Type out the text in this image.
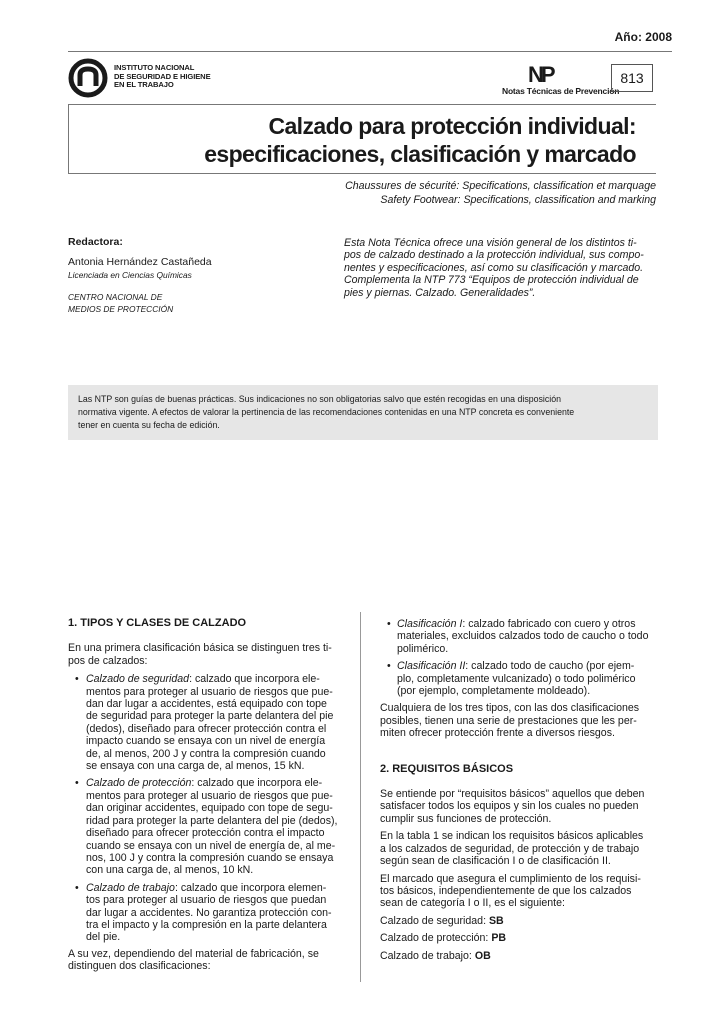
Año: 2008
INSTITUTO NACIONAL
DE SEGURIDAD E HIGIENE
EN EL TRABAJO	NP
Notas Técnicas de Prevención
813
Calzado para protección individual:
especificaciones, clasificación y marcado
Chaussures de sécurité: Specifications, classification et marquage
Safety Footwear: Specifications, classification and marking
Redactora:
Antonia Hernández Castañeda
Licenciada en Ciencias Químicas
CENTRO NACIONAL DE
MEDIOS DE PROTECCIÓN
Esta Nota Técnica ofrece una visión general de los distintos ti-
pos de calzado destinado a la protección individual, sus compo-
nentes y especificaciones, así como su clasificación y marcado.
Complementa la NTP 773 “Equipos de protección individual de
pies y piernas. Calzado. Generalidades”.
Las NTP son guías de buenas prácticas. Sus indicaciones no son obligatorias salvo que estén recogidas en una disposición
normativa vigente. A efectos de valorar la pertinencia de las recomendaciones contenidas en una NTP concreta es conveniente
tener en cuenta su fecha de edición.
1. TIPOS Y CLASES DE CALZADO
En una primera clasificación básica se distinguen tres ti-
pos de calzados:
• Calzado de seguridad: calzado que incorpora ele-
mentos para proteger al usuario de riesgos que pue-
dan dar lugar a accidentes, está equipado con tope
de seguridad para proteger la parte delantera del pie
(dedos), diseñado para ofrecer protección contra el
impacto cuando se ensaya con un nivel de energía
de, al menos, 200 J y contra la compresión cuando
se ensaya con una carga de, al menos, 15 kN.
• Calzado de protección: calzado que incorpora ele-
mentos para proteger al usuario de riesgos que pue-
dan originar accidentes, equipado con tope de segu-
ridad para proteger la parte delantera del pie (dedos),
diseñado para ofrecer protección contra el impacto
cuando se ensaya con un nivel de energía de, al me-
nos, 100 J y contra la compresión cuando se ensaya
con una carga de, al menos, 10 kN.
• Calzado de trabajo: calzado que incorpora elemen-
tos para proteger al usuario de riesgos que puedan
dar lugar a accidentes. No garantiza protección con-
tra el impacto y la compresión en la parte delantera
del pie.
A su vez, dependiendo del material de fabricación, se
distinguen dos clasificaciones:
• Clasificación I: calzado fabricado con cuero y otros
materiales, excluidos calzados todo de caucho o todo
polimérico.
• Clasificación II: calzado todo de caucho (por ejem-
plo, completamente vulcanizado) o todo polimérico
(por ejemplo, completamente moldeado).
Cualquiera de los tres tipos, con las dos clasificaciones
posibles, tienen una serie de prestaciones que les per-
miten ofrecer protección frente a diversos riesgos.
2. REQUISITOS BÁSICOS
Se entiende por “requisitos básicos” aquellos que deben
satisfacer todos los equipos y sin los cuales no pueden
cumplir sus funciones de protección.
En la tabla 1 se indican los requisitos básicos aplicables
a los calzados de seguridad, de protección y de trabajo
según sean de clasificación I o de clasificación II.
El marcado que asegura el cumplimiento de los requisi-
tos básicos, independientemente de que los calzados
sean de categoría I o II, es el siguiente:
Calzado de seguridad: SB
Calzado de protección: PB
Calzado de trabajo: OB
